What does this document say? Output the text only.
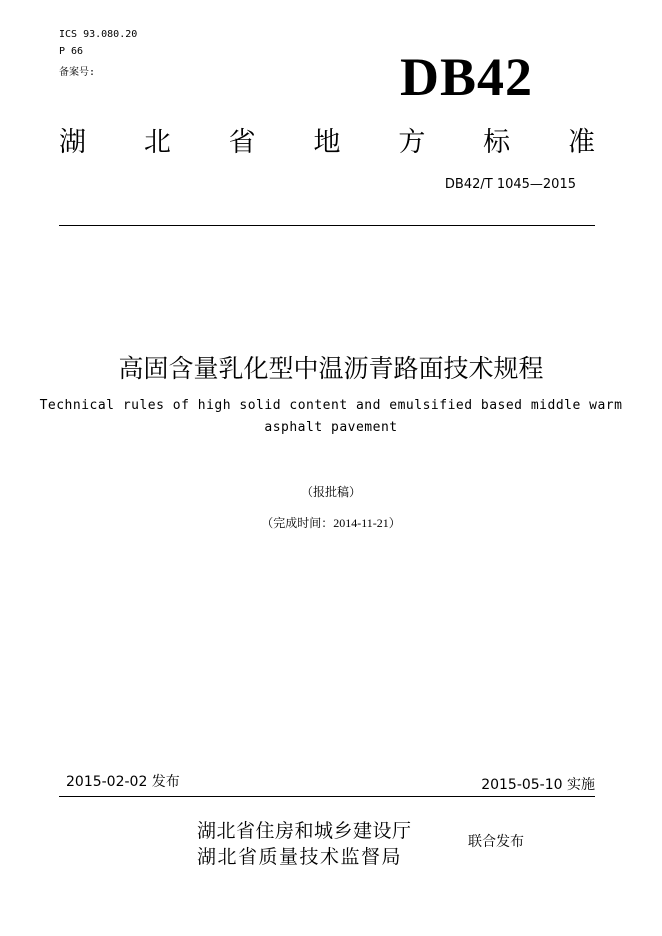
ICS 93.080.20
P 66
备案号:	DB42
湖 北 省 地 方 标 准
DB42/T 1045—2015
高固含量乳化型中温沥青路面技术规程
Technical rules of high solid content and emulsified based middle warm
asphalt pavement
（报批稿）
（完成时间：2014-11-21）
2015-02-02 发布	2015-05-10 实施
湖北省住房和城乡建设厅
湖北省质量技术监督局
联合发布
